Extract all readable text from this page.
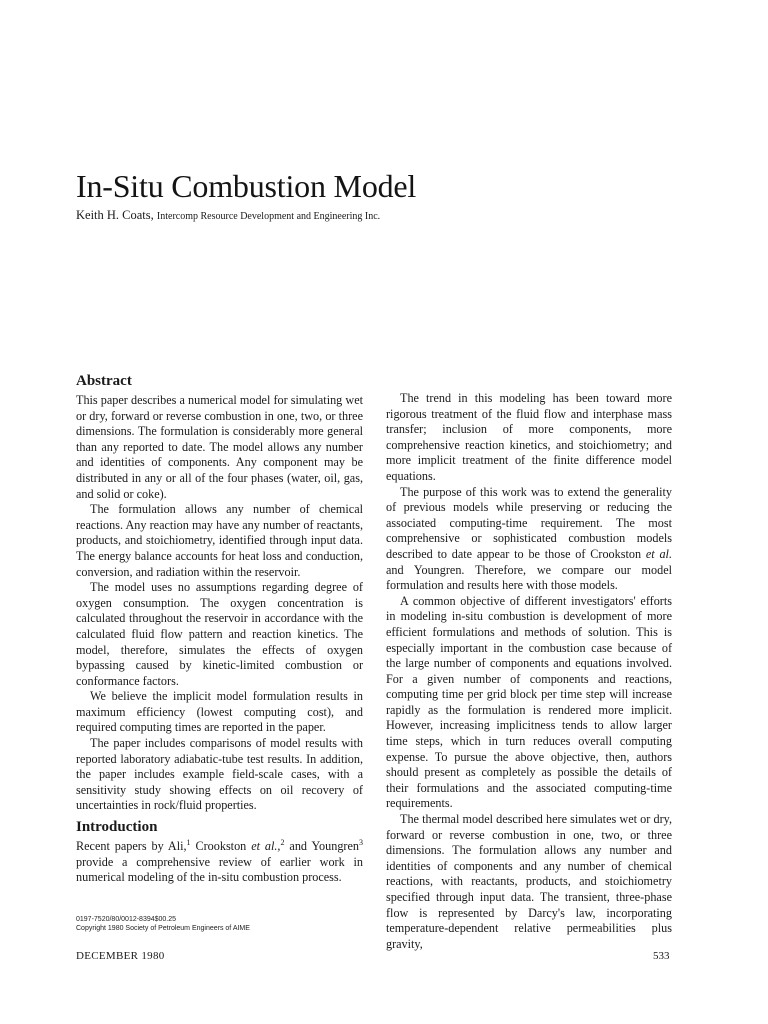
In-Situ Combustion Model
Keith H. Coats, Intercomp Resource Development and Engineering Inc.
Abstract

This paper describes a numerical model for simulating wet or dry, forward or reverse combustion in one, two, or three dimensions. The formulation is considerably more general than any reported to date. The model allows any number and identities of components. Any component may be distributed in any or all of the four phases (water, oil, gas, and solid or coke).

The formulation allows any number of chemical reactions. Any reaction may have any number of reactants, products, and stoichiometry, identified through input data. The energy balance accounts for heat loss and conduction, conversion, and radiation within the reservoir.

The model uses no assumptions regarding degree of oxygen consumption. The oxygen concentration is calculated throughout the reservoir in accordance with the calculated fluid flow pattern and reaction kinetics. The model, therefore, simulates the effects of oxygen bypassing caused by kinetic-limited combustion or conformance factors.

We believe the implicit model formulation results in maximum efficiency (lowest computing cost), and required computing times are reported in the paper.

The paper includes comparisons of model results with reported laboratory adiabatic-tube test results. In addition, the paper includes example field-scale cases, with a sensitivity study showing effects on oil recovery of uncertainties in rock/fluid properties.

Introduction

Recent papers by Ali,$^1$ Crookston et al.,$^2$ and Youngren$^3$ provide a comprehensive review of earlier work in numerical modeling of the in-situ combustion process.

0197-7520/80/0012-8394$00.25
Copyright 1980 Society of Petroleum Engineers of AIME

The trend in this modeling has been toward more rigorous treatment of the fluid flow and interphase mass transfer; inclusion of more components, more comprehensive reaction kinetics, and stoichiometry; and more implicit treatment of the finite difference model equations.

The purpose of this work was to extend the generality of previous models while preserving or reducing the associated computing-time requirement. The most comprehensive or sophisticated combustion models described to date appear to be those of Crookston et al. and Youngren. Therefore, we compare our model formulation and results here with those models.

A common objective of different investigators' efforts in modeling in-situ combustion is development of more efficient formulations and methods of solution. This is especially important in the combustion case because of the large number of components and equations involved. For a given number of components and reactions, computing time per grid block per time step will increase rapidly as the formulation is rendered more implicit. However, increasing implicitness tends to allow larger time steps, which in turn reduces overall computing expense. To pursue the above objective, then, authors should present as completely as possible the details of their formulations and the associated computing-time requirements.

The thermal model described here simulates wet or dry, forward or reverse combustion in one, two, or three dimensions. The formulation allows any number and identities of components and any number of chemical reactions, with reactants, products, and stoichiometry specified through input data. The transient, three-phase flow is represented by Darcy's law, incorporating temperature-dependent relative permeabilities plus gravity,

DECEMBER 1980	533
